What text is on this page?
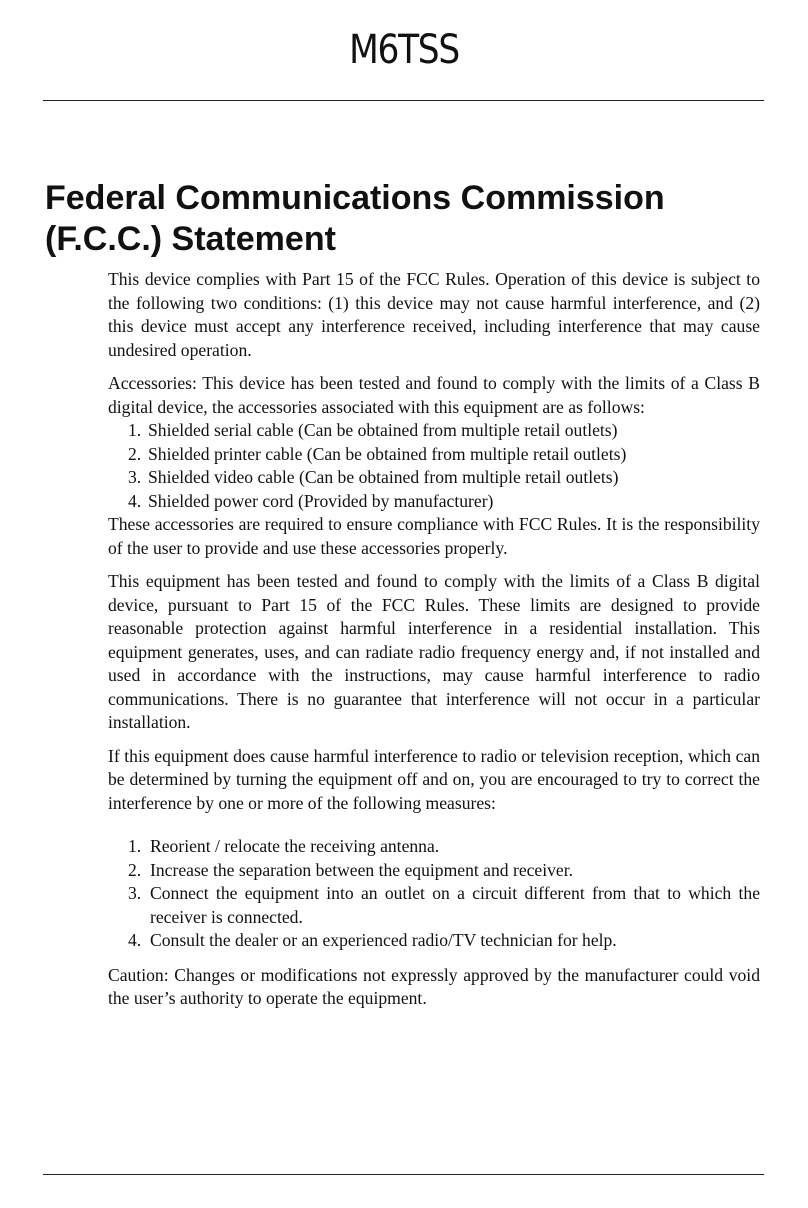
M6TSS
Federal Communications Commission
(F.C.C.) Statement

This device complies with Part 15 of the FCC Rules. Operation of this device is subject to the following two conditions: (1) this device may not cause harmful interference, and (2) this device must accept any interference received, including interference that may cause undesired operation.

Accessories: This device has been tested and found to comply with the limits of a Class B digital device, the accessories associated with this equipment are as follows:

1. Shielded serial cable (Can be obtained from multiple retail outlets)
2. Shielded printer cable (Can be obtained from multiple retail outlets)
3. Shielded video cable (Can be obtained from multiple retail outlets)
4. Shielded power cord (Provided by manufacturer)

These accessories are required to ensure compliance with FCC Rules. It is the responsibility of the user to provide and use these accessories properly.

This equipment has been tested and found to comply with the limits of a Class B digital device, pursuant to Part 15 of the FCC Rules. These limits are designed to provide reasonable protection against harmful interference in a residential installation. This equipment generates, uses, and can radiate radio frequency energy and, if not installed and used in accordance with the instructions, may cause harmful interference to radio communications. There is no guarantee that interference will not occur in a particular installation.

If this equipment does cause harmful interference to radio or television reception, which can be determined by turning the equipment off and on, you are encouraged to try to correct the interference by one or more of the following measures:

1. Reorient / relocate the receiving antenna.
2. Increase the separation between the equipment and receiver.
3. Connect the equipment into an outlet on a circuit different from that to which the receiver is connected.
4. Consult the dealer or an experienced radio/TV technician for help.

Caution: Changes or modifications not expressly approved by the manufacturer could void the user’s authority to operate the equipment.
